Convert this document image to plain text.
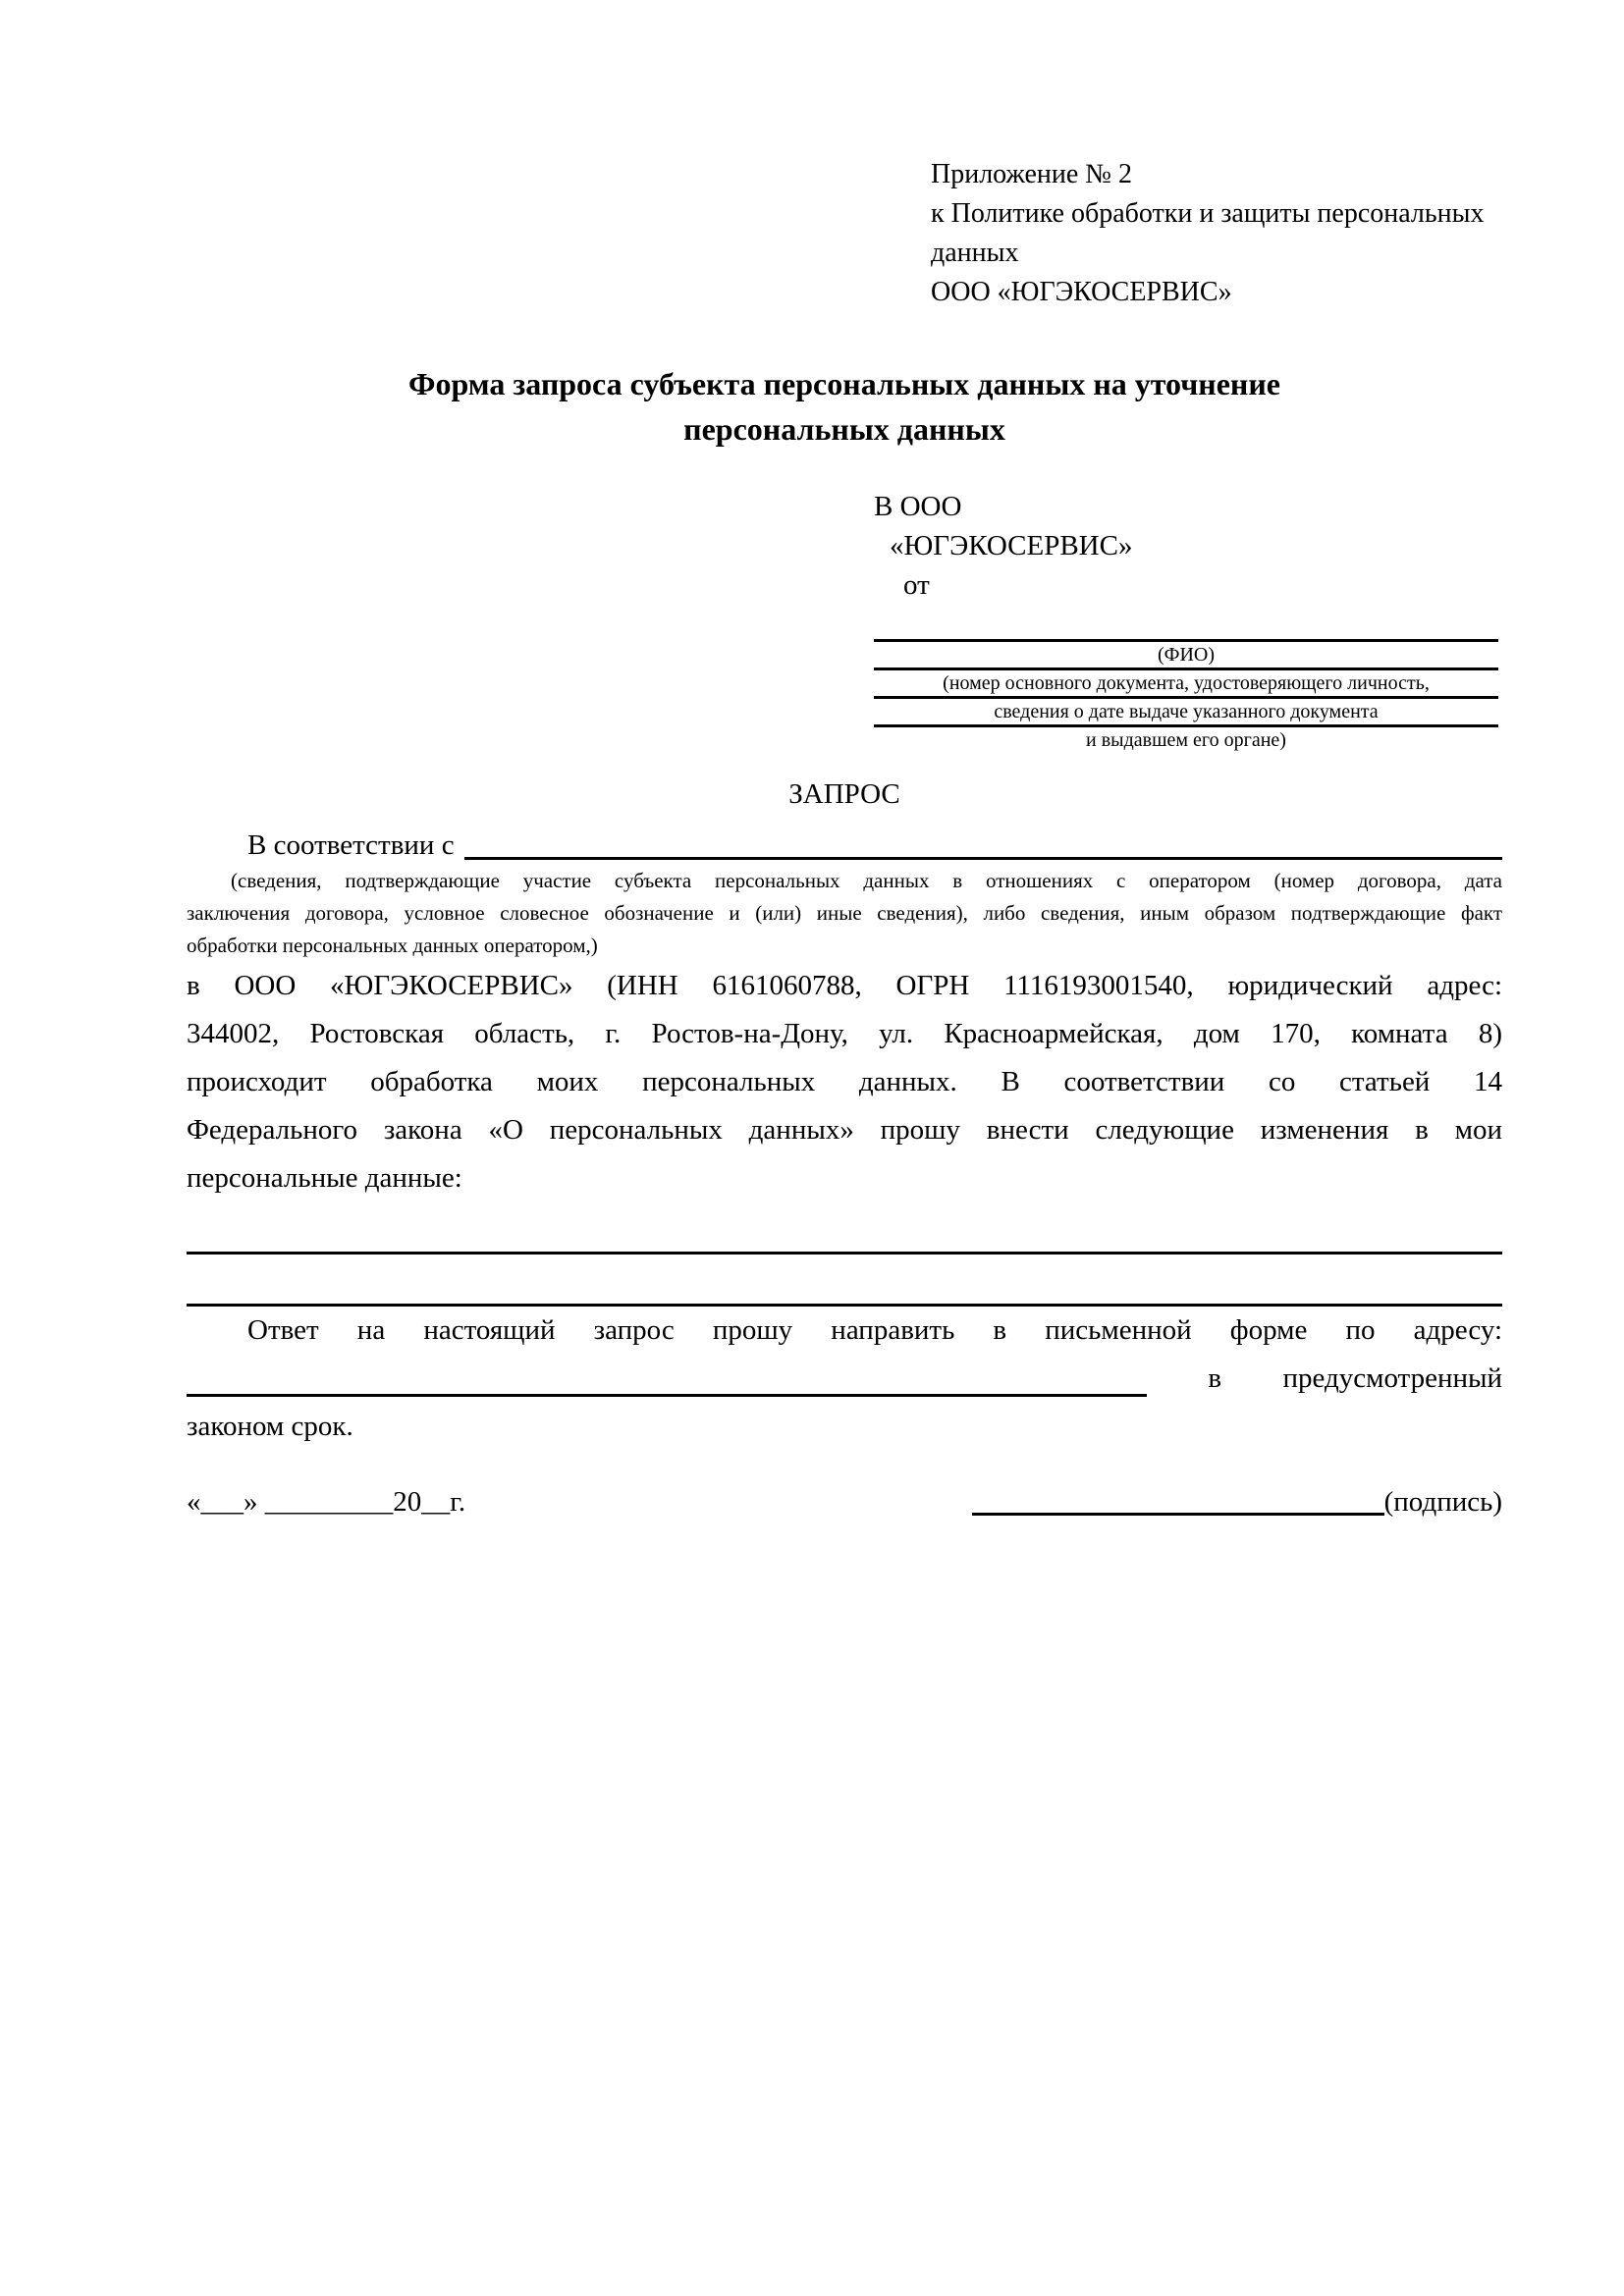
Приложение № 2
к Политике обработки и защиты персональных
данных
ООО «ЮГЭКОСЕРВИС»
Форма запроса субъекта персональных данных на уточнение
персональных данных
В ООО
«ЮГЭКОСЕРВИС»
от
(ФИО)
(номер основного документа, удостоверяющего личность,
сведения о дате выдаче указанного документа
и выдавшем его органе)
ЗАПРОС
В соответствии с
(сведения, подтверждающие участие субъекта персональных данных в отношениях с оператором (номер договора, дата
заключения договора, условное словесное обозначение и (или) иные сведения), либо сведения, иным образом подтверждающие факт
обработки персональных данных оператором,)
в ООО «ЮГЭКОСЕРВИС» (ИНН 6161060788, ОГРН 1116193001540, юридический адрес:
344002, Ростовская область, г. Ростов-на-Дону, ул. Красноармейская, дом 170, комната 8)
происходит обработка моих персональных данных. В соответствии со статьей 14
Федерального закона «О персональных данных» прошу внести следующие изменения в мои
персональные данные:
Ответ на настоящий запрос прошу направить в письменной форме по адресу:
в предусмотренный
законом срок.
«___» _________20__г.	(подпись)
